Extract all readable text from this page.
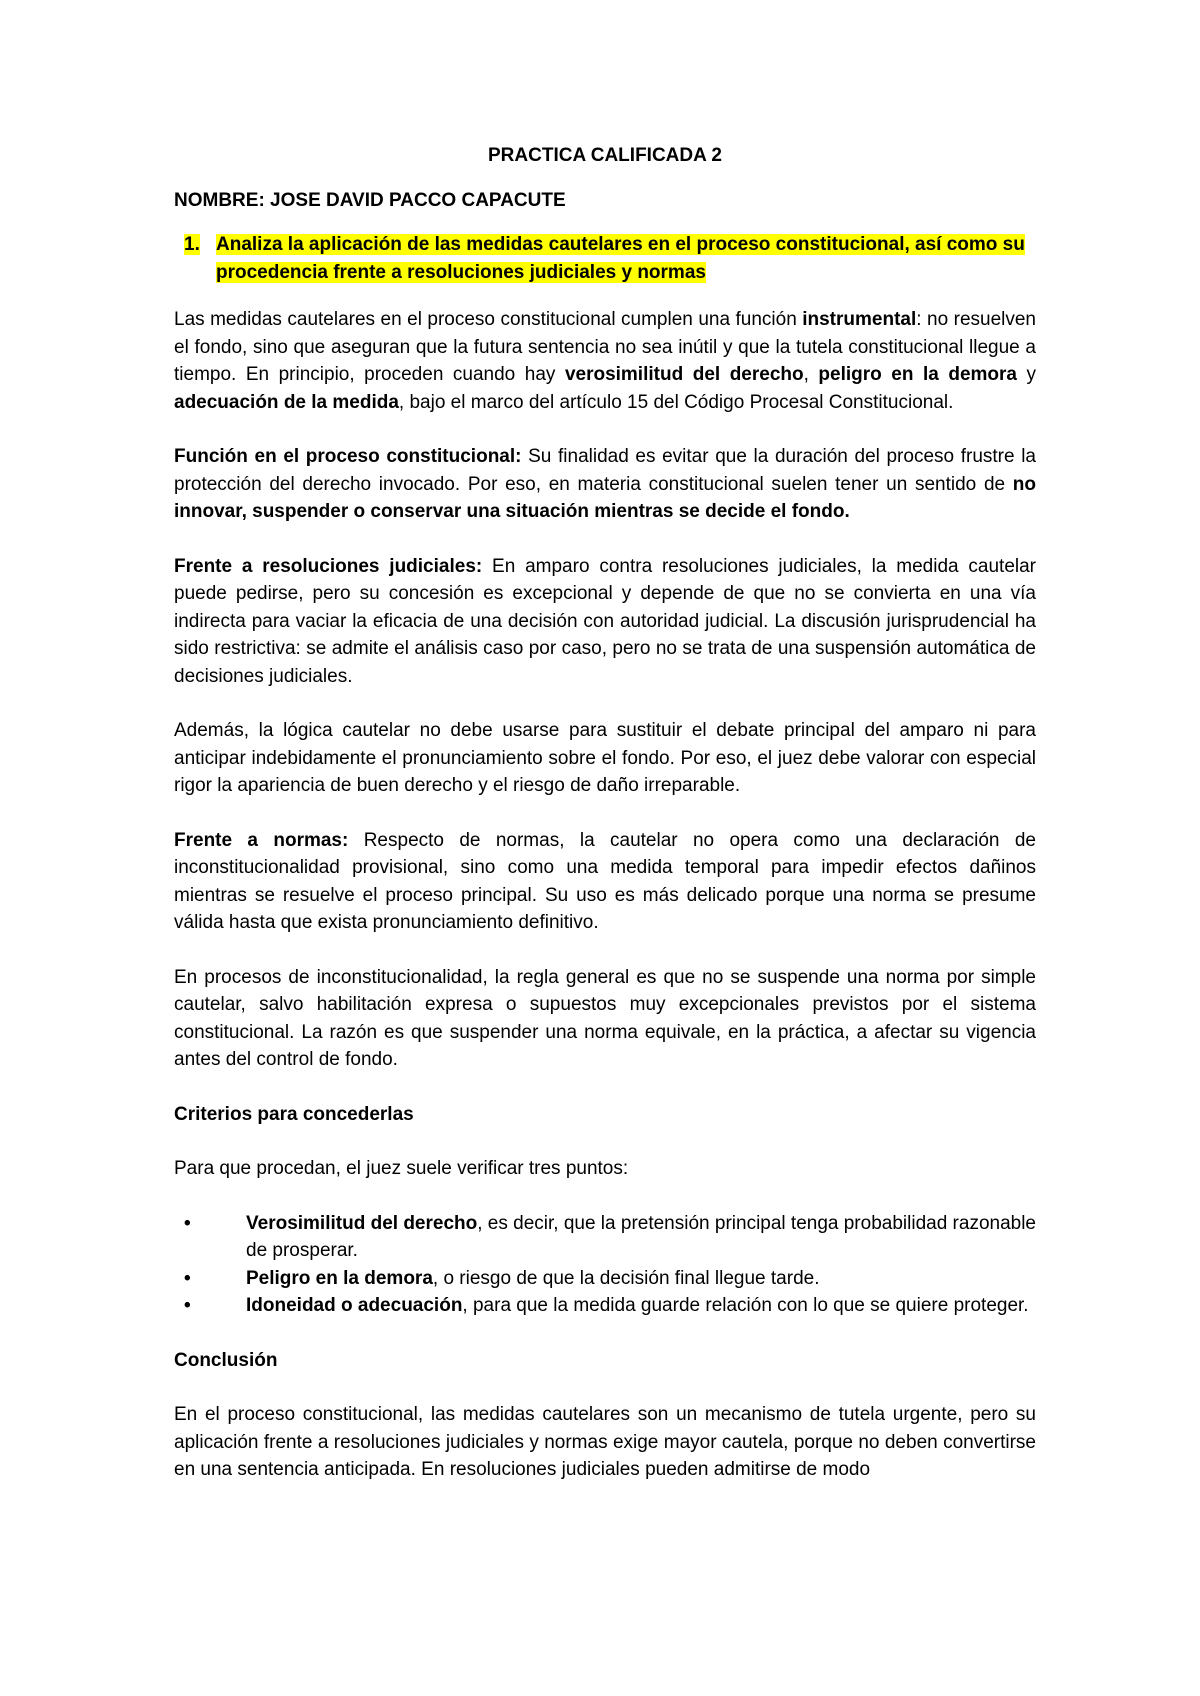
PRACTICA CALIFICADA 2
NOMBRE: JOSE DAVID PACCO CAPACUTE
1. Analiza la aplicación de las medidas cautelares en el proceso constitucional, así como su procedencia frente a resoluciones judiciales y normas

Las medidas cautelares en el proceso constitucional cumplen una función instrumental: no resuelven el fondo, sino que aseguran que la futura sentencia no sea inútil y que la tutela constitucional llegue a tiempo. En principio, proceden cuando hay verosimilitud del derecho, peligro en la demora y adecuación de la medida, bajo el marco del artículo 15 del Código Procesal Constitucional.

Función en el proceso constitucional: Su finalidad es evitar que la duración del proceso frustre la protección del derecho invocado. Por eso, en materia constitucional suelen tener un sentido de no innovar, suspender o conservar una situación mientras se decide el fondo.

Frente a resoluciones judiciales: En amparo contra resoluciones judiciales, la medida cautelar puede pedirse, pero su concesión es excepcional y depende de que no se convierta en una vía indirecta para vaciar la eficacia de una decisión con autoridad judicial. La discusión jurisprudencial ha sido restrictiva: se admite el análisis caso por caso, pero no se trata de una suspensión automática de decisiones judiciales.

Además, la lógica cautelar no debe usarse para sustituir el debate principal del amparo ni para anticipar indebidamente el pronunciamiento sobre el fondo. Por eso, el juez debe valorar con especial rigor la apariencia de buen derecho y el riesgo de daño irreparable.

Frente a normas: Respecto de normas, la cautelar no opera como una declaración de inconstitucionalidad provisional, sino como una medida temporal para impedir efectos dañinos mientras se resuelve el proceso principal. Su uso es más delicado porque una norma se presume válida hasta que exista pronunciamiento definitivo.

En procesos de inconstitucionalidad, la regla general es que no se suspende una norma por simple cautelar, salvo habilitación expresa o supuestos muy excepcionales previstos por el sistema constitucional. La razón es que suspender una norma equivale, en la práctica, a afectar su vigencia antes del control de fondo.

Criterios para concederlas

Para que procedan, el juez suele verificar tres puntos:

•	Verosimilitud del derecho, es decir, que la pretensión principal tenga probabilidad razonable de prosperar.
•	Peligro en la demora, o riesgo de que la decisión final llegue tarde.
•	Idoneidad o adecuación, para que la medida guarde relación con lo que se quiere proteger.
Conclusión

En el proceso constitucional, las medidas cautelares son un mecanismo de tutela urgente, pero su aplicación frente a resoluciones judiciales y normas exige mayor cautela, porque no deben convertirse en una sentencia anticipada. En resoluciones judiciales pueden admitirse de modo
